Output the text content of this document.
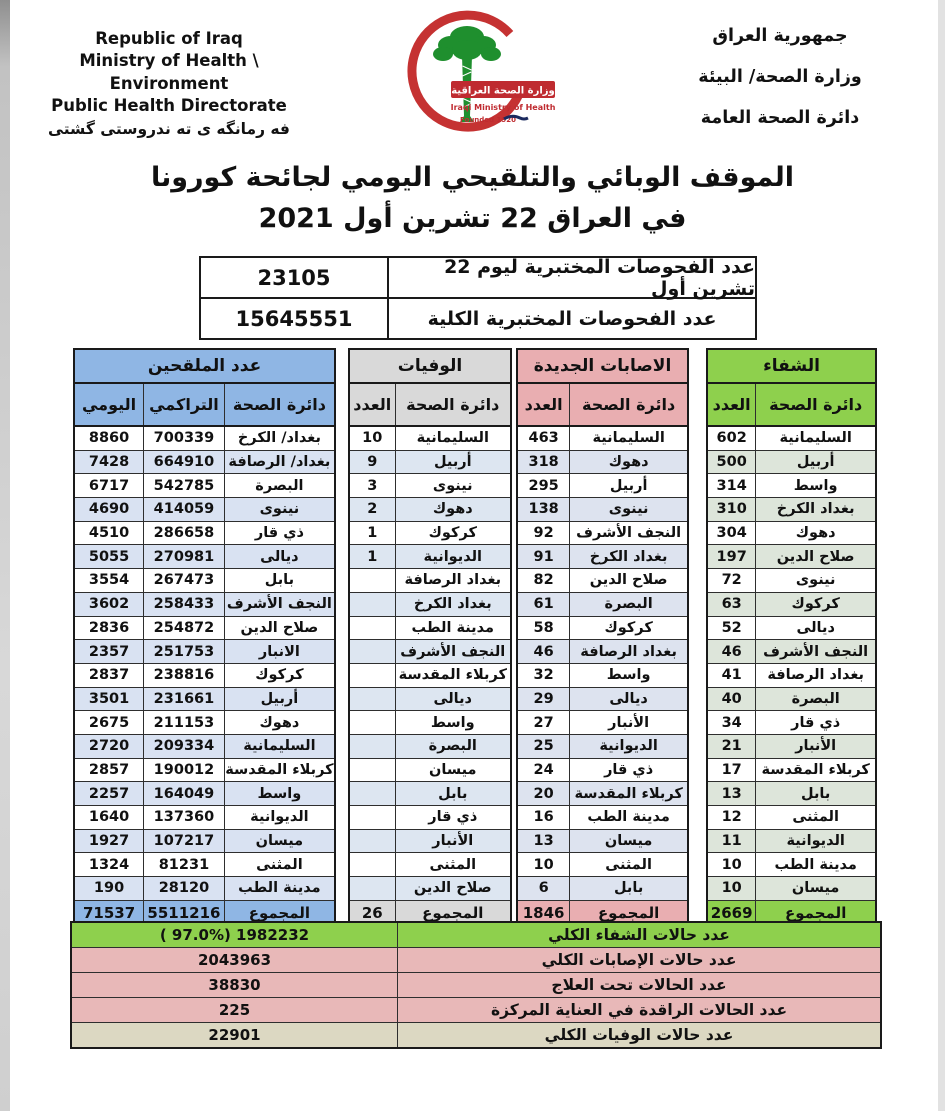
Republic of Iraq
Ministry of Health \ Environment
Public Health Directorate
فه رمانگه ی ته ندروستی گشتی
وزارة الصحة العراقية
Iraqi Ministry of Health
Founded 1920
جمهورية العراق
وزارة الصحة/ البيئة
دائرة الصحة العامة
الموقف الوبائي والتلقيحي اليومي لجائحة كورونا
في العراق 22 تشرين أول 2021
23105	عدد الفحوصات المختبرية ليوم 22 تشرين أول
15645551	عدد الفحوصات المختبرية الكلية
عدد الملقحين
اليومي التراكمي دائرة الصحة
8860	700339	بغداد/ الكرخ
7428	664910 بغداد/ الرصافة
6717	542785	البصرة
4690	414059	نينوى
4510	286658	ذي قار
5055	270981	ديالى
3554	267473	بابل
3602	258433 النجف الأشرف
2836	254872	صلاح الدين
2357	251753	الانبار
2837	238816	كركوك
3501	231661	أربيل
2675	211153	دهوك
2720	209334	السليمانية
2857	190012 كربلاء المقدسة
2257	164049	واسط
1640	137360	الديوانية
1927	107217	ميسان
1324	81231	المثنى
190	28120	مدينة الطب
71537 5511216	المجموع
الوفيات
العدد دائرة الصحة
10	السليمانية
9	أربيل
3	نينوى
2	دهوك
1	كركوك
1	الديوانية
بغداد الرصافة
بغداد الكرخ
مدينة الطب
النجف الأشرف
كربلاء المقدسة
ديالى
واسط
البصرة
ميسان
بابل
ذي قار
الأنبار
المثنى
صلاح الدين
26	المجموع
الاصابات الجديدة
العدد	دائرة الصحة
463	السليمانية
318	دهوك
295	أربيل
138	نينوى
92	النجف الأشرف
91	بغداد الكرخ
82	صلاح الدين
61	البصرة
58	كركوك
46	بغداد الرصافة
32	واسط
29	ديالى
27	الأنبار
25	الديوانية
24	ذي قار
20	كربلاء المقدسة
16	مدينة الطب
13	ميسان
10	المثنى
6	بابل
1846	المجموع
الشفاء
العدد	دائرة الصحة
602	السليمانية
500	أربيل
314	واسط
310	بغداد الكرخ
304	دهوك
197	صلاح الدين
72	نينوى
63	كركوك
52	ديالى
46	النجف الأشرف
41	بغداد الرصافة
40	البصرة
34	ذي قار
21	الأنبار
17	كربلاء المقدسة
13	بابل
12	المثنى
11	الديوانية
10	مدينة الطب
10	ميسان
2669	المجموع
( 97.0%) 1982232	عدد حالات الشفاء الكلي
2043963	عدد حالات الإصابات الكلي
38830	عدد الحالات تحت العلاج
225	عدد الحالات الراقدة في العناية المركزة
22901	عدد حالات الوفيات الكلي
